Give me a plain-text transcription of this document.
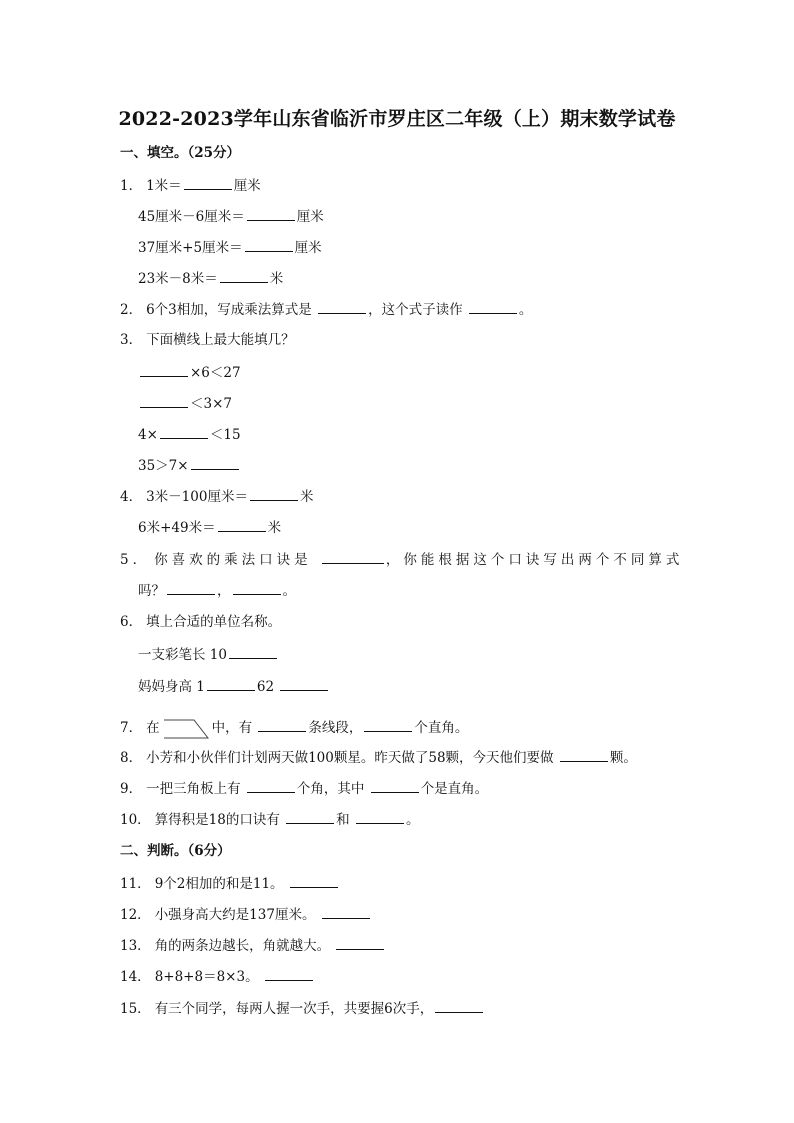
2022-2023学年山东省临沂市罗庄区二年级（上）期末数学试卷
一、填空。（25分）
1． 1米＝	厘米
45厘米－6厘米＝	厘米
37厘米+5厘米＝	厘米
23米－8米＝	米
2． 6个3相加，写成乘法算式是	，这个式子读作	。
3． 下面横线上最大能填几？
×6＜27
＜3×7
4×	＜15
35＞7×
4． 3米－100厘米＝	米
6米+49米＝	米
5． 你喜欢的乘法口诀是	，你能根据这个口诀写出两个不同算式
吗？	，	。
6． 填上合适的单位名称。
一支彩笔长 10
妈妈身高 1	62
7． 在	中，有	条线段，	个直角。
8． 小芳和小伙伴们计划两天做100颗星。昨天做了58颗，今天他们要做	颗。
9． 一把三角板上有	个角，其中	个是直角。
10． 算得积是18的口诀有	和	。
二、判断。（6分）
11． 9个2相加的和是11。
12． 小强身高大约是137厘米。
13． 角的两条边越长，角就越大。
14． 8+8+8＝8×3。
15． 有三个同学，每两人握一次手，共要握6次手，
